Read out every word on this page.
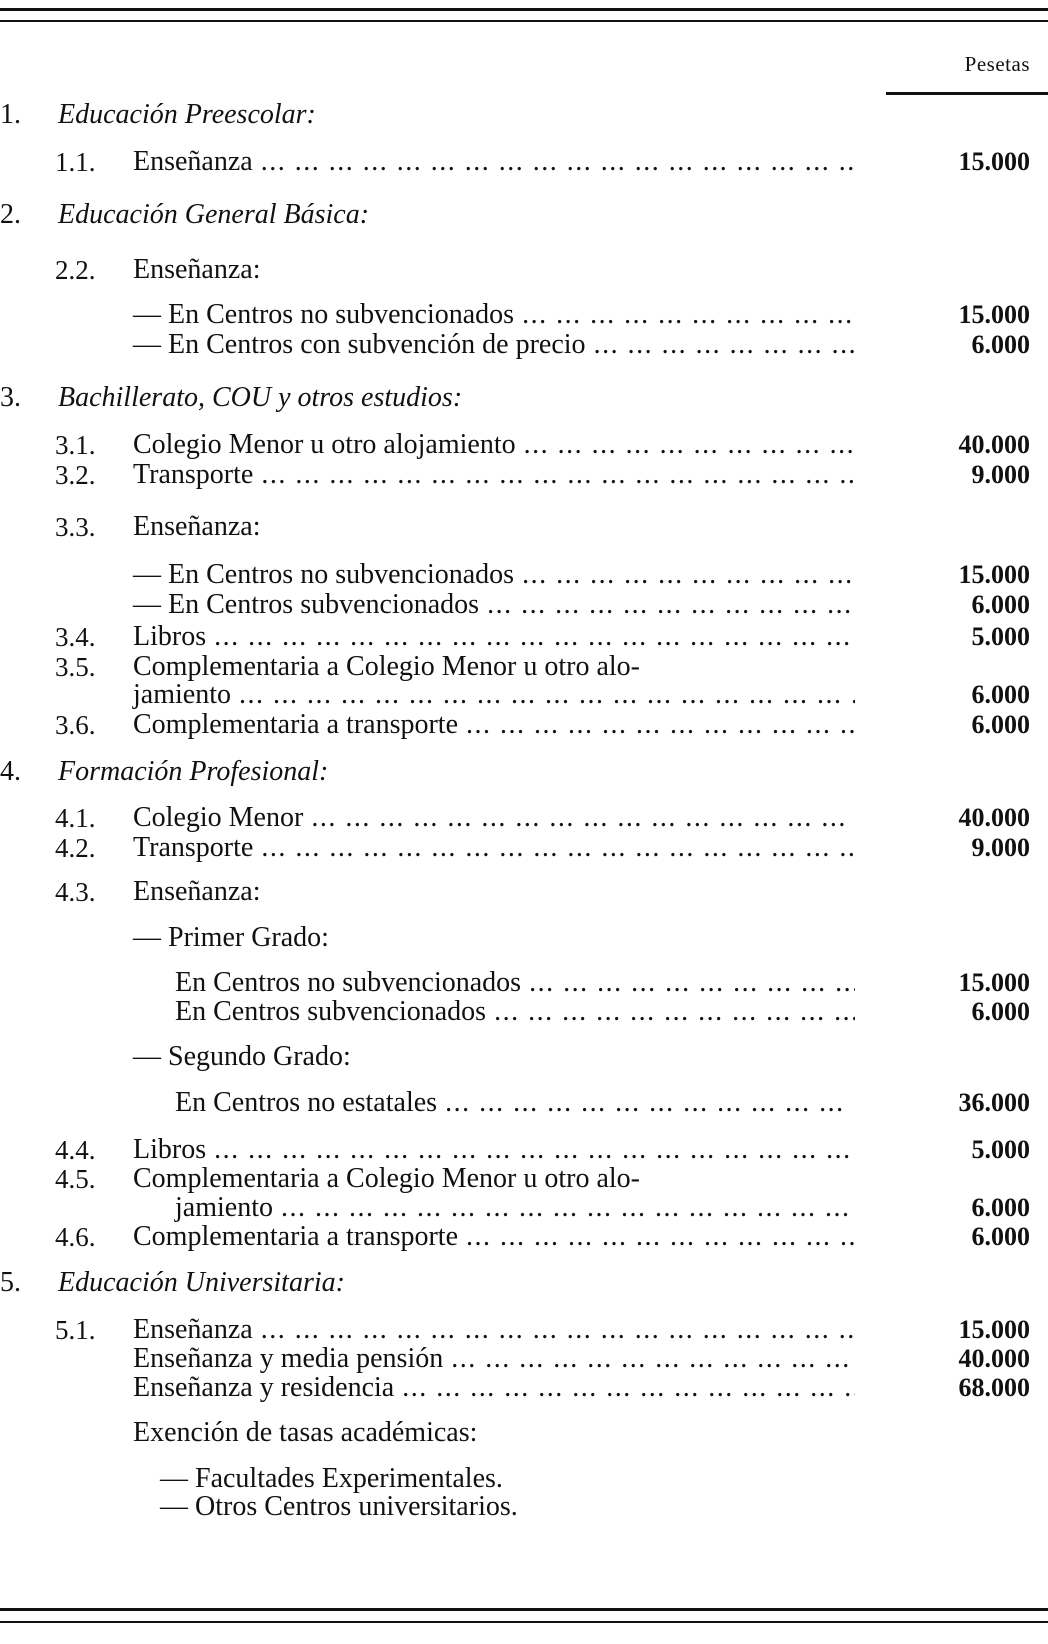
Pesetas
1. Educación Preescolar:
1.1. Enseñanza ... .	15.000
2. Educación General Básica:
2.2. Enseñanza:
— En Centros no subvencionados ... .	15.000
— En Centros con subvención de precio ... .	6.000
3. Bachillerato, COU y otros estudios:
3.1. Colegio Menor u otro alojamiento ... .	40.000
3.2. Transporte ... .	9.000
3.3. Enseñanza:
— En Centros no subvencionados ... .	15.000
— En Centros subvencionados ... .	6.000
3.4. Libros ... .	5.000
3.5. Complementaria a Colegio Menor u otro alo-
jamiento ... .	6.000
3.6. Complementaria a transporte ... .	6.000
4. Formación Profesional:
4.1. Colegio Menor ... .	40.000
4.2. Transporte ... .	9.000
4.3. Enseñanza:
— Primer Grado:
En Centros no subvencionados ... .	15.000
En Centros subvencionados ... .	6.000
— Segundo Grado:
En Centros no estatales ... .	36.000
4.4. Libros ... .	5.000
4.5. Complementaria a Colegio Menor u otro alo-
jamiento ... .	6.000
4.6. Complementaria a transporte ... .	6.000
5. Educación Universitaria:
5.1. Enseñanza ... .	15.000
Enseñanza y media pensión ... .	40.000
Enseñanza y residencia ... .	68.000
Exención de tasas académicas:
— Facultades Experimentales.
— Otros Centros universitarios.
